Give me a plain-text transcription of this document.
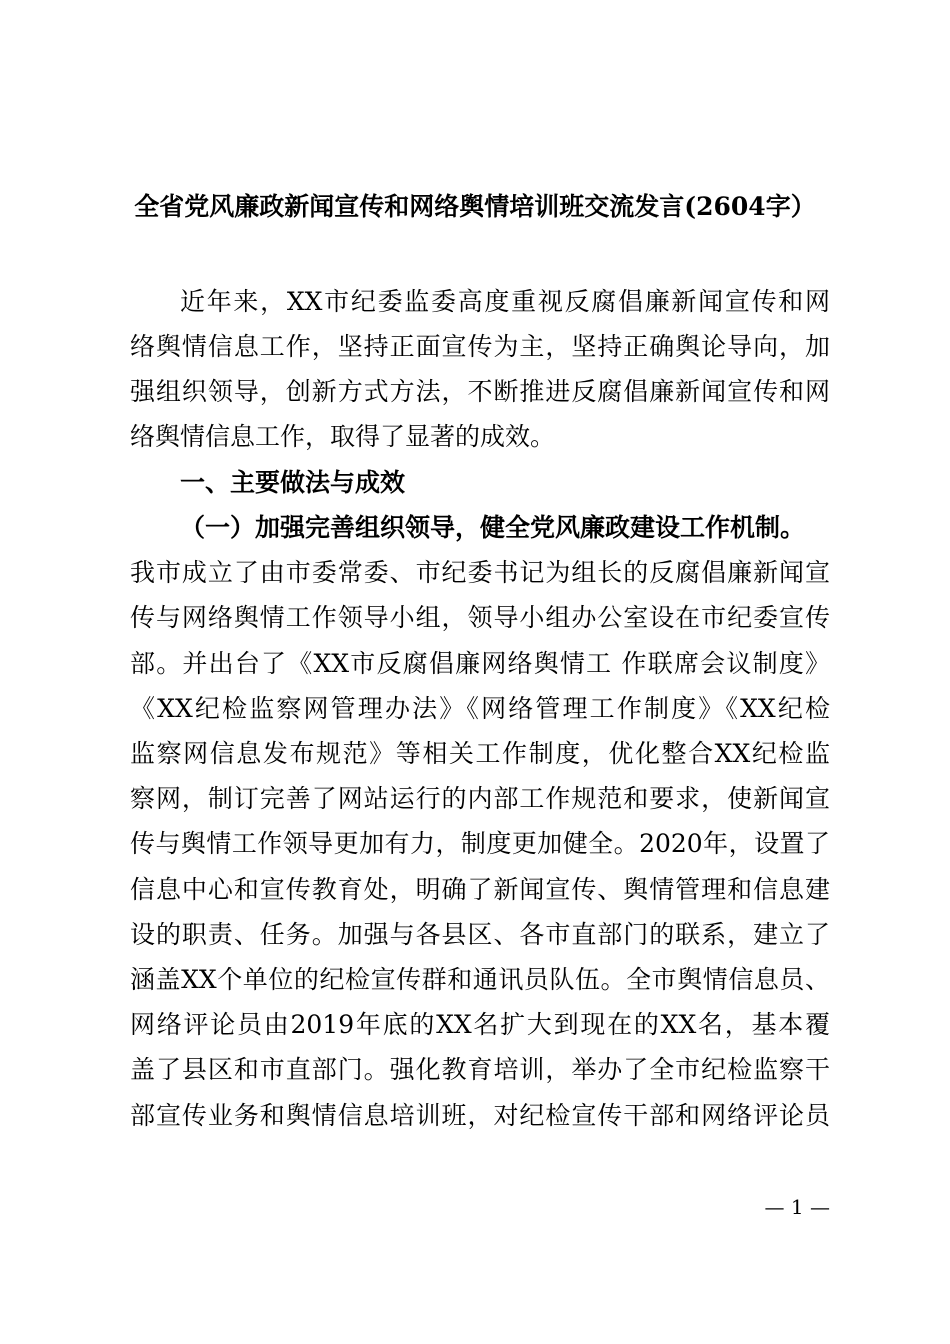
全省党风廉政新闻宣传和网络舆情培训班交流发言(2604字）
近年来，XX市纪委监委高度重视反腐倡廉新闻宣传和网
络舆情信息工作，坚持正面宣传为主，坚持正确舆论导向，加
强组织领导，创新方式方法，不断推进反腐倡廉新闻宣传和网
络舆情信息工作，取得了显著的成效。
一、主要做法与成效
（一）加强完善组织领导，健全党风廉政建设工作机制。
我市成立了由市委常委、市纪委书记为组长的反腐倡廉新闻宣
传与网络舆情工作领导小组，领导小组办公室设在市纪委宣传
部。并出台了《XX市反腐倡廉网络舆情工 作联席会议制度》
《XX纪检监察网管理办法》《网络管理工作制度》《XX纪检
监察网信息发布规范》等相关工作制度，优化整合XX纪检监
察网，制订完善了网站运行的内部工作规范和要求，使新闻宣
传与舆情工作领导更加有力，制度更加健全。2020年，设置了
信息中心和宣传教育处，明确了新闻宣传、舆情管理和信息建
设的职责、任务。加强与各县区、各市直部门的联系，建立了
涵盖XX个单位的纪检宣传群和通讯员队伍。全市舆情信息员、
网络评论员由2019年底的XX名扩大到现在的XX名，基本覆
盖了县区和市直部门。强化教育培训，举办了全市纪检监察干
部宣传业务和舆情信息培训班，对纪检宣传干部和网络评论员
— 1 —
